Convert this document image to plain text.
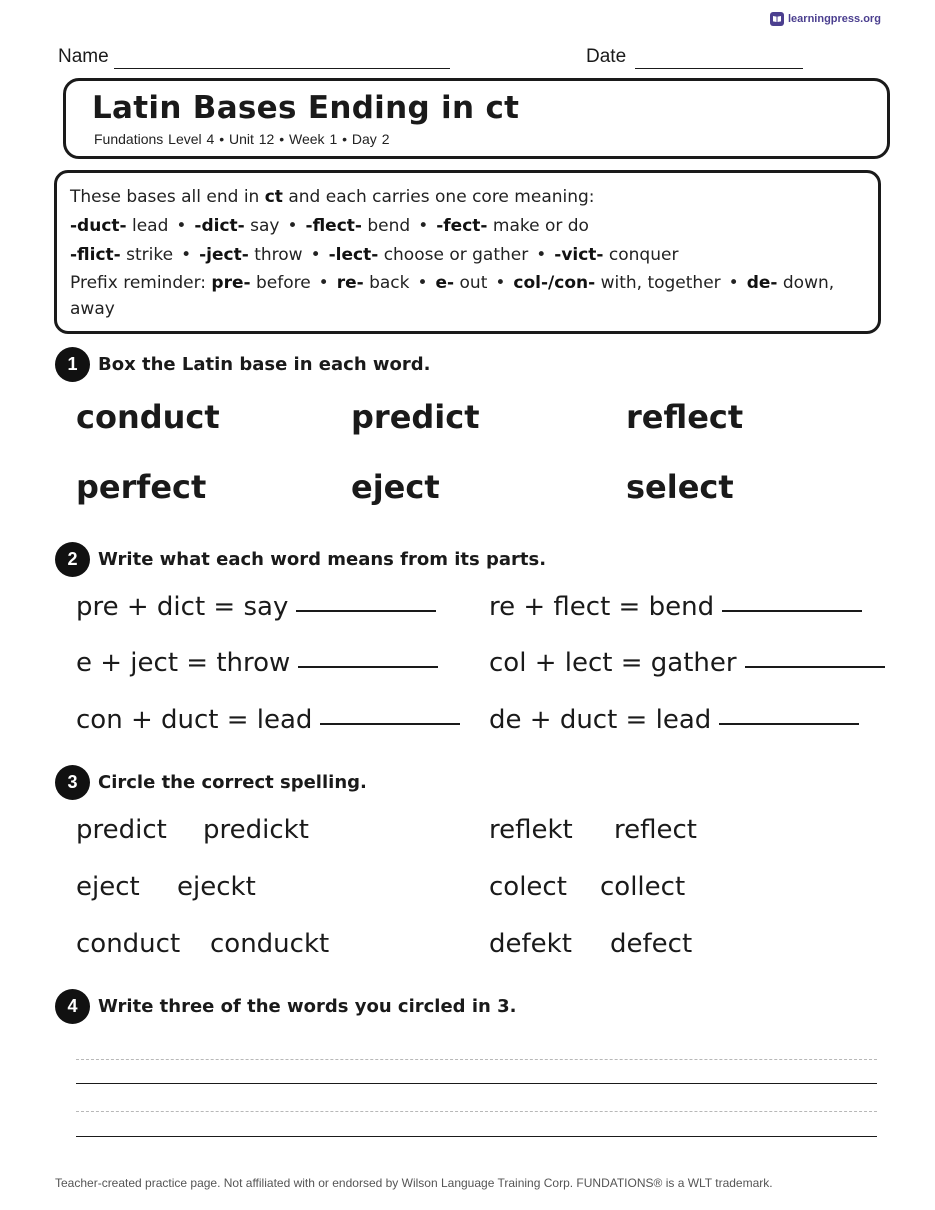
learningpress.org
Name	Date
Latin Bases Ending in ct
Fundations Level 4 • Unit 12 • Week 1 • Day 2
These bases all end in ct and each carries one core meaning:
-duct- lead • -dict- say • -flect- bend • -fect- make or do
-flict- strike • -ject- throw • -lect- choose or gather • -vict- conquer
Prefix reminder: pre- before • re- back • e- out • col-/con- with, together • de- down, away
1	Box the Latin base in each word.
conduct	predict	reflect
perfect	eject	select
2	Write what each word means from its parts.
pre + dict = say	re + flect = bend
e + ject = throw	col + lect = gather
con + duct = lead	de + duct = lead
3	Circle the correct spelling.
predict predickt	reflekt reflect
eject ejeckt	colect collect
conduct conduckt	defekt defect
4	Write three of the words you circled in 3.
Teacher-created practice page. Not affiliated with or endorsed by Wilson Language Training Corp. FUNDATIONS® is a WLT trademark.
